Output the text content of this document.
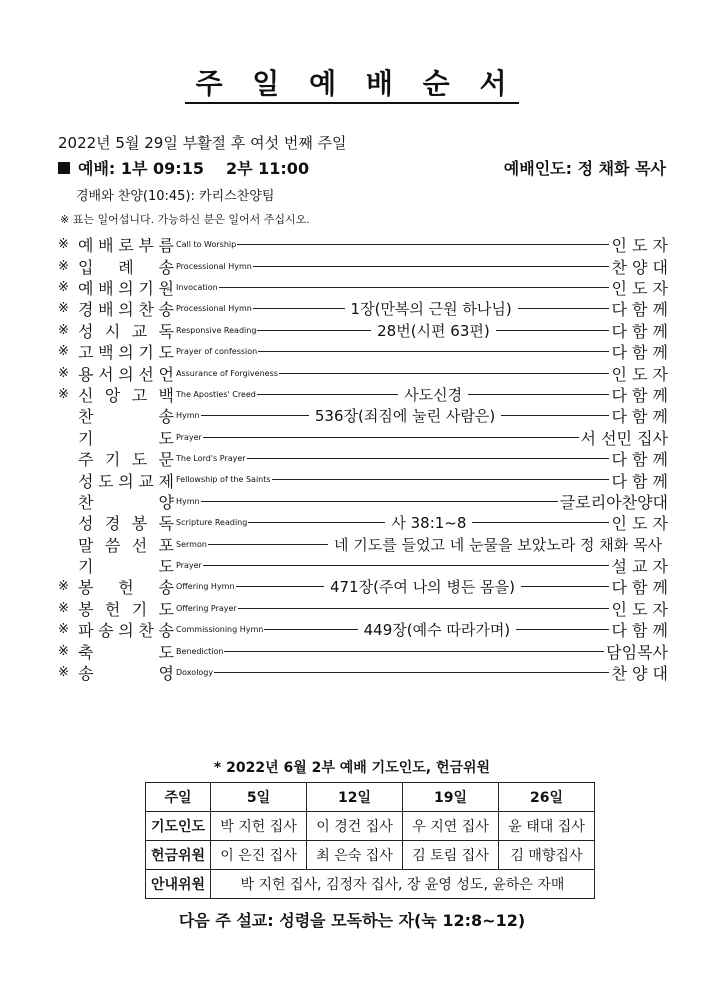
주 일 예 배 순 서
2022년 5월 29일 부활절 후 여섯 번째 주일
예배: 1부 09:15 2부 11:00	예배인도: 정 채화 목사
경배와 찬양(10:45): 카리스찬양팀
※ 표는 일어섭니다. 가능하신 분은 일어서 주십시오.
※ 예 배 로 부 름 Call to Worship	인 도 자
※ 입 례 송 Processional Hymn	찬 양 대
※ 예 배 의 기 원 Invocation	인 도 자
※ 경 배 의 찬 송 Processional Hymn	1장(만복의 근원 하나님)	다 함 께
※ 성 시 교 독 Responsive Reading	28번(시편 63편)	다 함 께
※ 고 백 의 기 도 Prayer of confession	다 함 께
※ 용 서 의 선 언 Assurance of Forgiveness	인 도 자
※ 신 앙 고 백 The Apostles' Creed	사도신경	다 함 께
찬	송 Hymn	536장(죄짐에 눌린 사람은)	다 함 께
기	도 Prayer	서 선민 집사
주 기 도 문 The Lord's Prayer	다 함 께
성 도 의 교 제 Fellowship of the Saints	다 함 께
찬	양 Hymn	글로리아찬양대
성 경 봉 독 Scripture Reading	사 38:1~8	인 도 자
말 씀 선 포 Sermon	네 기도를 들었고 네 눈물을 보았노라 정 채화 목사
기	도 Prayer	설 교 자
※ 봉 헌 송 Offering Hymn	471장(주여 나의 병든 몸을)	다 함 께
※ 봉 헌 기 도 Offering Prayer	인 도 자
※ 파 송 의 찬 송 Commissioning Hymn	449장(예수 따라가며)	다 함 께
※ 축	도 Benediction	담임목사
※ 송	영 Doxology	찬 양 대
* 2022년 6월 2부 예배 기도인도, 헌금위원
주일	5일	12일	19일	26일
기도인도	박 지헌 집사	이 경건 집사	우 지연 집사	윤 태대 집사
헌금위원	이 은진 집사	최 은숙 집사	김 토림 집사	김 매향집사
안내위원	박 지헌 집사, 김정자 집사, 장 윤영 성도, 윤하은 자매			
다음 주 설교: 성령을 모독하는 자(눅 12:8~12)
